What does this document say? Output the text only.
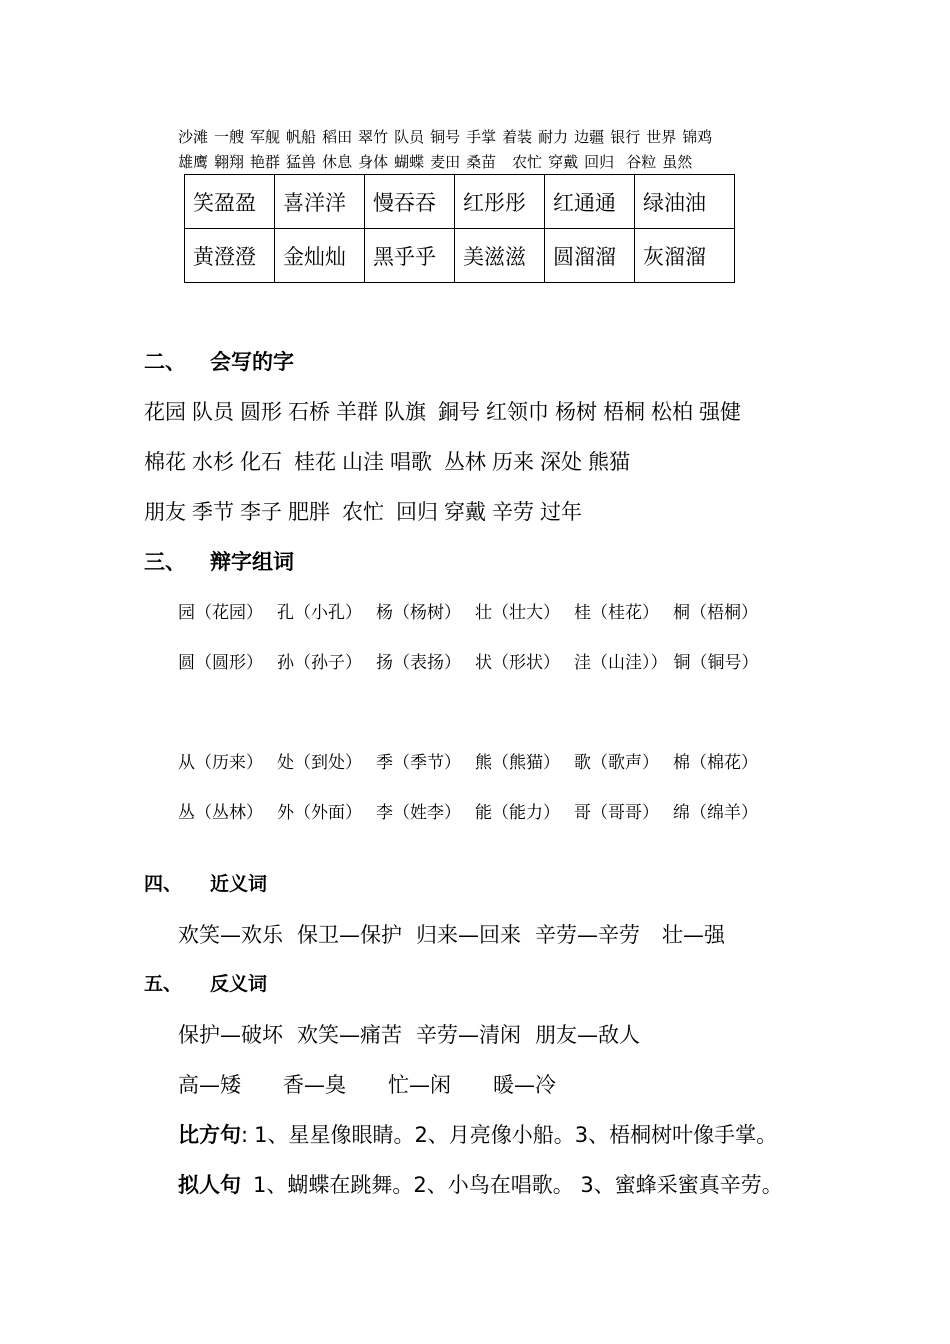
沙滩 一艘 军舰 帆船 稻田 翠竹 队员 铜号 手掌 着装 耐力 边疆 银行 世界 锦鸡
雄鹰 翱翔 艳群 猛兽 休息 身体 蝴蝶 麦田 桑苗 农忙 穿戴 回归 谷粒 虽然
笑盈盈	喜洋洋	慢吞吞	红彤彤	红通通	绿油油
黄澄澄	金灿灿	黑乎乎	美滋滋	圆溜溜	灰溜溜
二、 会写的字
花园 队员 圆形 石桥 羊群 队旗 銅号 红领巾 杨树 梧桐 松柏 强健
棉花 水杉 化石 桂花 山洼 唱歌 丛林 历来 深处 熊猫
朋友 季节 李子 肥胖 农忙 回归 穿戴 辛劳 过年
三、 辩字组词
园（花园） 孔（小孔） 杨（杨树） 壮（壮大） 桂（桂花） 桐（梧桐）
圆（圆形） 孙（孙子） 扬（表扬） 状（形状） 洼（山洼）） 铜（铜号）
从（历来） 处（到处） 季（季节） 熊（熊猫） 歌（歌声） 棉（棉花）
丛（丛林） 外（外面） 李（姓李） 能（能力） 哥（哥哥） 绵（绵羊）
四、 近义词
欢笑—欢乐 保卫—保护 归来—回来 辛劳—辛劳 壮—强
五、 反义词
保护—破坏 欢笑—痛苦 辛劳—清闲 朋友—敌人
高—矮 香—臭 忙—闲 暖—冷
比方句: 1、星星像眼睛。2、月亮像小船。3、梧桐树叶像手掌。
拟人句 1、蝴蝶在跳舞。2、小鸟在唱歌。 3、蜜蜂采蜜真辛劳。
